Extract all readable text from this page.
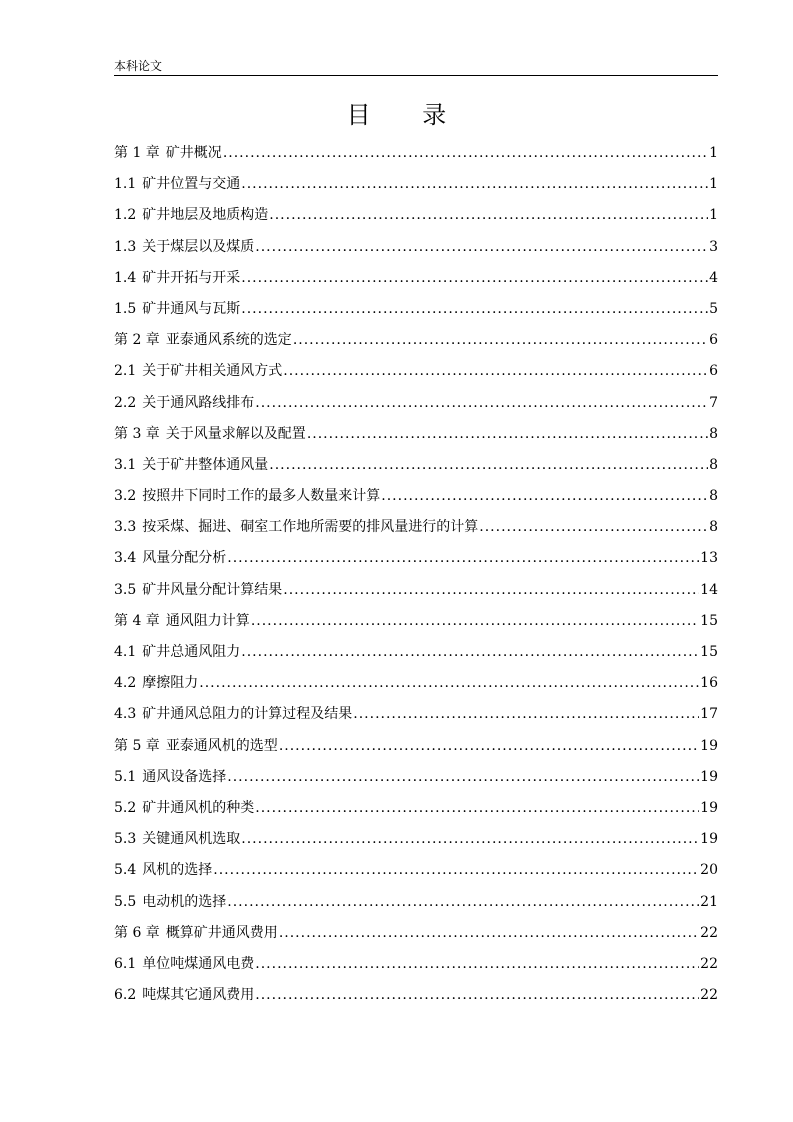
本科论文
目 录
第 1 章 矿井概况 .....	1
1.1 矿井位置与交通 .....	1
1.2 矿井地层及地质构造 .....	1
1.3 关于煤层以及煤质 .....	3
1.4 矿井开拓与开采 .....	4
1.5 矿井通风与瓦斯 .....	5
第 2 章 亚泰通风系统的选定 .....	6
2.1 关于矿井相关通风方式 .....	6
2.2 关于通风路线排布 .....	7
第 3 章 关于风量求解以及配置 .....	8
3.1 关于矿井整体通风量 .....	8
3.2 按照井下同时工作的最多人数量来计算 .....	8
3.3 按采煤、掘进、硐室工作地所需要的排风量进行的计算 .....	8
3.4 风量分配分析 .....	13
3.5 矿井风量分配计算结果 .....	14
第 4 章 通风阻力计算 .....	15
4.1 矿井总通风阻力 .....	15
4.2 摩擦阻力 .....	16
4.3 矿井通风总阻力的计算过程及结果 .....	17
第 5 章 亚泰通风机的选型 .....	19
5.1 通风设备选择 .....	19
5.2 矿井通风机的种类 .....	19
5.3 关键通风机选取 .....	19
5.4 风机的选择 .....	20
5.5 电动机的选择 .....	21
第 6 章 概算矿井通风费用 .....	22
6.1 单位吨煤通风电费 .....	22
6.2 吨煤其它通风费用 .....	22
